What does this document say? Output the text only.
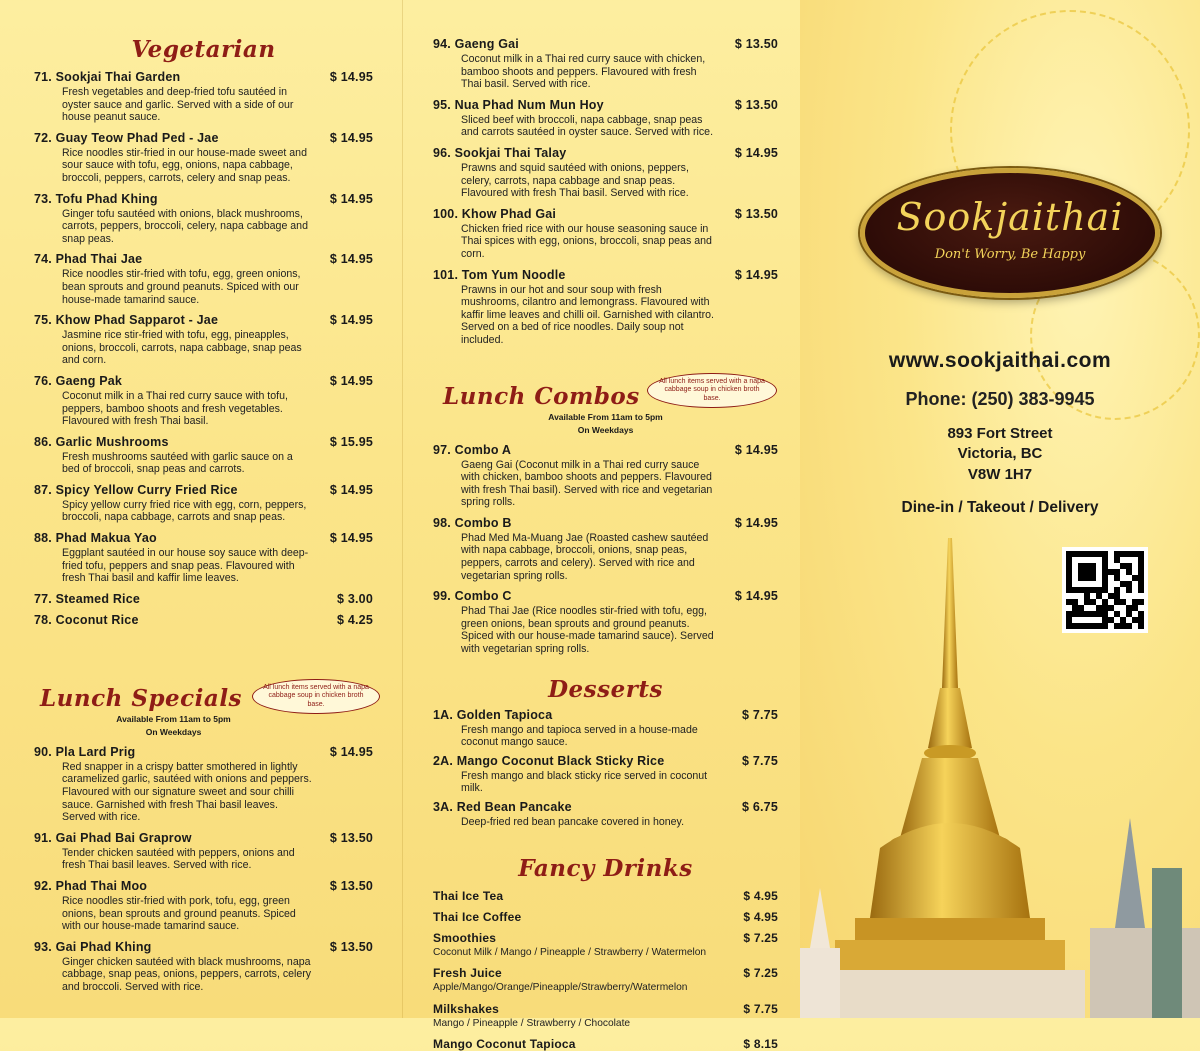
Vegetarian
71. Sookjai Thai Garden	$ 14.95
Fresh vegetables and deep-fried tofu sautéed in oyster sauce and garlic. Served with a side of our house peanut sauce.
72. Guay Teow Phad Ped - Jae	$ 14.95
Rice noodles stir-fried in our house-made sweet and sour sauce with tofu, egg, onions, napa cabbage, broccoli, peppers, carrots, celery and snap peas.
73. Tofu Phad Khing	$ 14.95
Ginger tofu sautéed with onions, black mushrooms, carrots, peppers, broccoli, celery, napa cabbage and snap peas.
74. Phad Thai Jae	$ 14.95
Rice noodles stir-fried with tofu, egg, green onions, bean sprouts and ground peanuts. Spiced with our house-made tamarind sauce.
75. Khow Phad Sapparot - Jae	$ 14.95
Jasmine rice stir-fried with tofu, egg, pineapples, onions, broccoli, carrots, napa cabbage, snap peas and corn.
76. Gaeng Pak	$ 14.95
Coconut milk in a Thai red curry sauce with tofu, peppers, bamboo shoots and fresh vegetables. Flavoured with fresh Thai basil.
86. Garlic Mushrooms	$ 15.95
Fresh mushrooms sautéed with garlic sauce on a bed of broccoli, snap peas and carrots.
87. Spicy Yellow Curry Fried Rice	$ 14.95
Spicy yellow curry fried rice with egg, corn, peppers, broccoli, napa cabbage, carrots and snap peas.
88. Phad Makua Yao	$ 14.95
Eggplant sautéed in our house soy sauce with deep-fried tofu, peppers and snap peas. Flavoured with fresh Thai basil and kaffir lime leaves.
77. Steamed Rice	$ 3.00
78. Coconut Rice	$ 4.25
Lunch Specials	All lunch items served with a napa cabbage soup in chicken broth base.
Available From 11am to 5pm
On Weekdays
90. Pla Lard Prig	$ 14.95
Red snapper in a crispy batter smothered in lightly caramelized garlic, sautéed with onions and peppers. Flavoured with our signature sweet and sour chilli sauce. Garnished with fresh Thai basil leaves. Served with rice.
91. Gai Phad Bai Graprow	$ 13.50
Tender chicken sautéed with peppers, onions and fresh Thai basil leaves. Served with rice.
92. Phad Thai Moo	$ 13.50
Rice noodles stir-fried with pork, tofu, egg, green onions, bean sprouts and ground peanuts. Spiced with our house-made tamarind sauce.
93. Gai Phad Khing	$ 13.50
Ginger chicken sautéed with black mushrooms, napa cabbage, snap peas, onions, peppers, carrots, celery and broccoli. Served with rice.
94. Gaeng Gai	$ 13.50
Coconut milk in a Thai red curry sauce with chicken, bamboo shoots and peppers. Flavoured with fresh Thai basil. Served with rice.
95. Nua Phad Num Mun Hoy	$ 13.50
Sliced beef with broccoli, napa cabbage, snap peas and carrots sautéed in oyster sauce. Served with rice.
96. Sookjai Thai Talay	$ 14.95
Prawns and squid sautéed with onions, peppers, celery, carrots, napa cabbage and snap peas. Flavoured with fresh Thai basil. Served with rice.
100. Khow Phad Gai	$ 13.50
Chicken fried rice with our house seasoning sauce in Thai spices with egg, onions, broccoli, snap peas and corn.
101. Tom Yum Noodle	$ 14.95
Prawns in our hot and sour soup with fresh mushrooms, cilantro and lemongrass. Flavoured with kaffir lime leaves and chilli oil. Garnished with cilantro. Served on a bed of rice noodles. Daily soup not included.
Lunch Combos
All lunch items served with a napa cabbage soup in chicken broth base.
Available From 11am to 5pm
On Weekdays
97. Combo A	$ 14.95
Gaeng Gai (Coconut milk in a Thai red curry sauce with chicken, bamboo shoots and peppers. Flavoured with fresh Thai basil). Served with rice and vegetarian spring rolls.
98. Combo B	$ 14.95
Phad Med Ma-Muang Jae (Roasted cashew sautéed with napa cabbage, broccoli, onions, snap peas, peppers, carrots and celery). Served with rice and vegetarian spring rolls.
99. Combo C	$ 14.95
Phad Thai Jae (Rice noodles stir-fried with tofu, egg, green onions, bean sprouts and ground peanuts. Spiced with our house-made tamarind sauce). Served with vegetarian spring rolls.
Desserts
1A. Golden Tapioca	$ 7.75
Fresh mango and tapioca served in a house-made coconut mango sauce.
2A. Mango Coconut Black Sticky Rice	$ 7.75
Fresh mango and black sticky rice served in coconut milk.
3A. Red Bean Pancake	$ 6.75
Deep-fried red bean pancake covered in honey.
Fancy Drinks
Thai Ice Tea	$ 4.95
Thai Ice Coffee	$ 4.95
Smoothies	$ 7.25
Coconut Milk / Mango / Pineapple / Strawberry / Watermelon
Fresh Juice	$ 7.25
Apple/Mango/Orange/Pineapple/Strawberry/Watermelon
Milkshakes	$ 7.75
Mango / Pineapple / Strawberry / Chocolate
Mango Coconut Tapioca	$ 8.15
Sookjaithai
Don't Worry, Be Happy
www.sookjaithai.com
Phone: (250) 383-9945
893 Fort Street
Victoria, BC
V8W 1H7
Dine-in / Takeout / Delivery
